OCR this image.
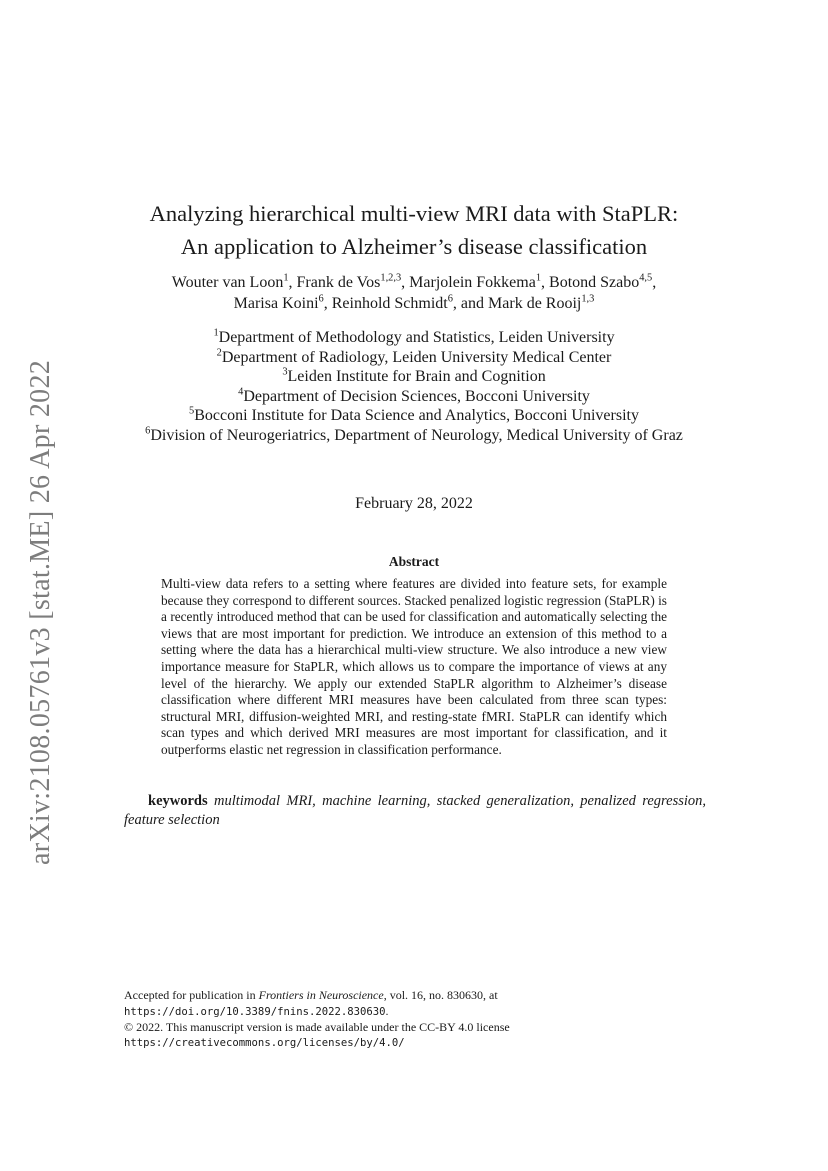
arXiv:2108.05761v3 [stat.ME] 26 Apr 2022
Analyzing hierarchical multi-view MRI data with StaPLR:
An application to Alzheimer’s disease classification
Wouter van Loon$^1$, Frank de Vos$^{1,2,3}$, Marjolein Fokkema$^1$, Botond Szabo$^{4,5}$,
Marisa Koini$^6$, Reinhold Schmidt$^6$, and Mark de Rooij$^{1,3}$
$^1$Department of Methodology and Statistics, Leiden University
$^2$Department of Radiology, Leiden University Medical Center
$^3$Leiden Institute for Brain and Cognition
$^4$Department of Decision Sciences, Bocconi University
$^5$Bocconi Institute for Data Science and Analytics, Bocconi University
$^6$Division of Neurogeriatrics, Department of Neurology, Medical University of Graz
February 28, 2022
Abstract
Multi-view data refers to a setting where features are divided into feature sets, for example because they correspond to different sources. Stacked penalized logistic regression (StaPLR) is a recently introduced method that can be used for classification and automatically selecting the views that are most important for prediction. We introduce an extension of this method to a setting where the data has a hierarchical multi-view structure. We also introduce a new view importance measure for StaPLR, which allows us to compare the importance of views at any level of the hierarchy. We apply our extended StaPLR algorithm to Alzheimer’s disease classification where different MRI measures have been calculated from three scan types: structural MRI, diffusion-weighted MRI, and resting-state fMRI. StaPLR can identify which scan types and which derived MRI measures are most important for classification, and it outperforms elastic net regression in classification performance.
keywords multimodal MRI, machine learning, stacked generalization, penalized regression, feature selection
Accepted for publication in Frontiers in Neuroscience, vol. 16, no. 830630, at
https://doi.org/10.3389/fnins.2022.830630.
© 2022. This manuscript version is made available under the CC-BY 4.0 license
https://creativecommons.org/licenses/by/4.0/
